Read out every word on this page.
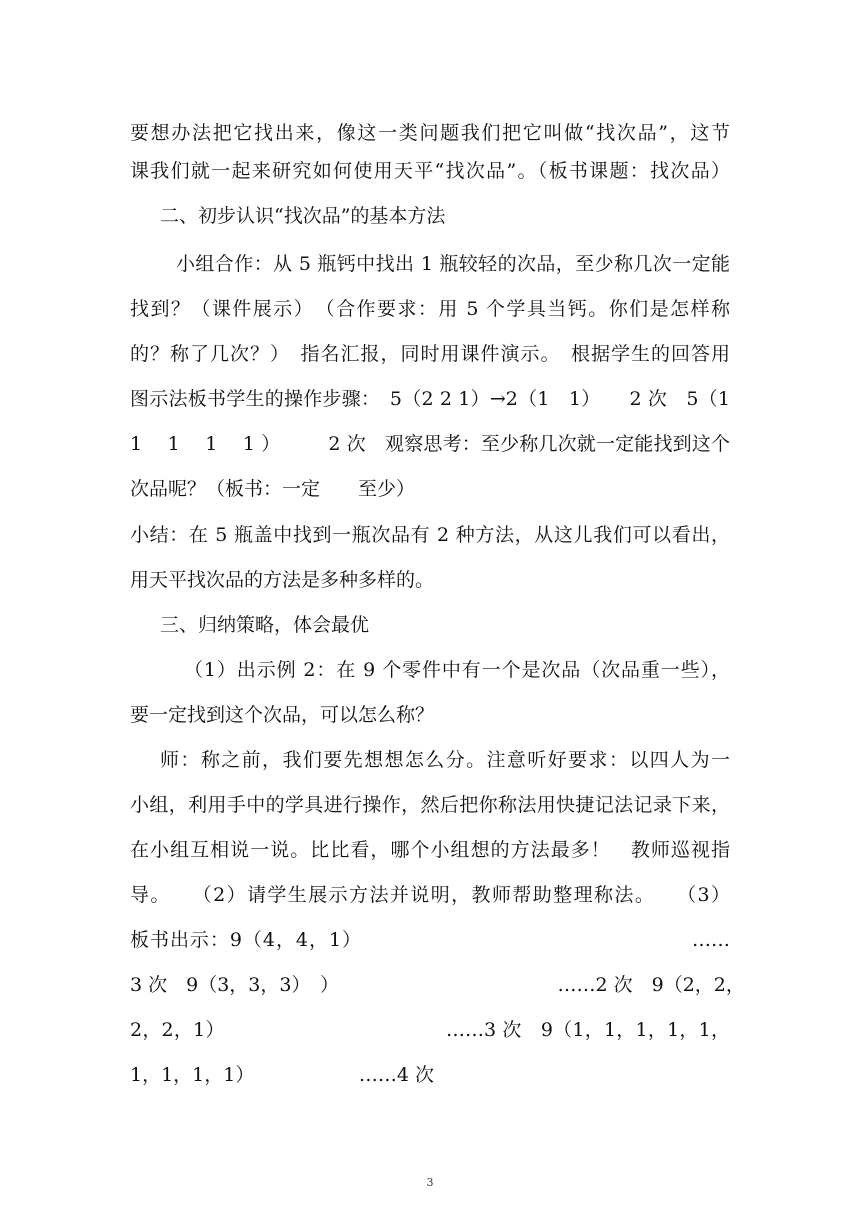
要想办法把它找出来，像这一类问题我们把它叫做“找次品”，这节
课我们就一起来研究如何使用天平“找次品”。（板书课题：找次品）
二、初步认识“找次品”的基本方法
小组合作：从 5 瓶钙中找出 1 瓶较轻的次品，至少称几次一定能
找到？（课件展示）　（合作要求：用 5 个学具当钙。你们是怎样称
的？称了几次？）　指名汇报，同时用课件演示。　根据学生的回答用
图示法板书学生的操作步骤：　5（2 2 1）→2（1　1）　　2 次　5（1
1　 1　 1　 1 ）　　　2 次　观察思考：至少称几次就一定能找到这个
次品呢？（板书：一定　　至少）
小结：在 5 瓶盖中找到一瓶次品有 2 种方法，从这儿我们可以看出，
用天平找次品的方法是多种多样的。
三、归纳策略，体会最优
（1）出示例 2：在 9 个零件中有一个是次品（次品重一些），
要一定找到这个次品，可以怎么称？
师：称之前，我们要先想想怎么分。注意听好要求：以四人为一
小组，利用手中的学具进行操作，然后把你称法用快捷记法记录下来，
在小组互相说一说。比比看，哪个小组想的方法最多！　教师巡视指
导。　　（2）请学生展示方法并说明，教师帮助整理称法。　　（3）
板书出示：9（4，4，1）　　　　　　　　　　　　　　　　　……
3 次　9（3，3，3）　）　　　　　　　　　　　　……2 次　9（2，2，
2，2，1）　　　　　　　　　　　　……3 次　9（1，1，1，1，1，
1，1，1，1）　　　　　　……4 次
3
